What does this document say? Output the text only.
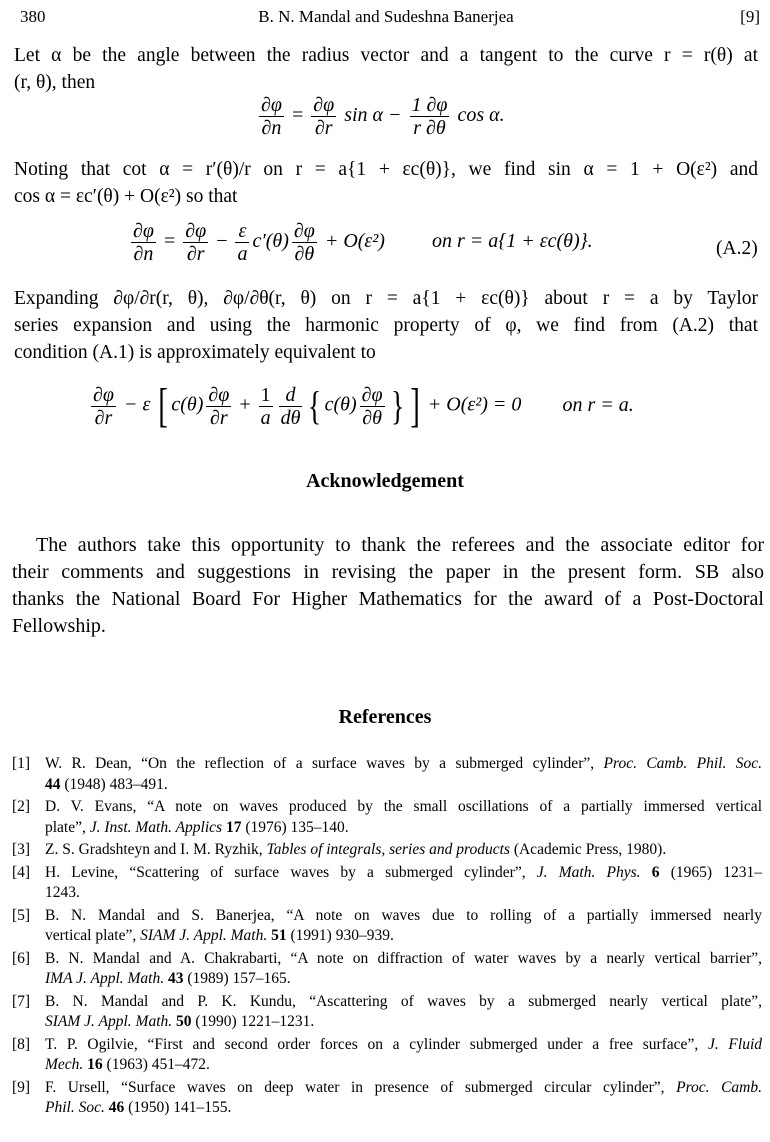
380	B. N. Mandal and Sudeshna Banerjea	[9]
Let α be the angle between the radius vector and a tangent to the curve r = r(θ) at
(r, θ), then
$\frac{\partial\varphi}{\partial n} = \frac{\partial\varphi}{\partial r}$ $\sin \alpha - \frac{1 \partial\varphi}{r \partial\theta}$ cos α.
Noting that cot α = r′(θ)/r on r = a{1 + εc(θ)}, we find sin α = 1 + O(ε²) and
cos α = εc′(θ) + O(ε²) so that
$\frac{\partial\varphi}{\partial n} = \frac{\partial\varphi}{\partial r} - \frac{\varepsilon}{a} c'(\theta) \frac{\partial\varphi}{\partial\theta} + O(\varepsilon^2)$ on r = a{1 + εc(θ)}.	(A.2)
Expanding ∂φ/∂r(r, θ), ∂φ/∂θ(r, θ) on r = a{1 + εc(θ)} about r = a by Taylor
series expansion and using the harmonic property of φ, we find from (A.2) that
condition (A.1) is approximately equivalent to
$\frac{\partial\varphi}{\partial r} - \varepsilon$ [ $c(\theta) \frac{\partial\varphi}{\partial r} + \frac{1}{a} \frac{d}{d\theta}$ { $c(\theta) \frac{\partial\varphi}{\partial\theta}$ } ] + O(ε²) = 0 on r = a.
Acknowledgement
The authors take this opportunity to thank the referees and the associate editor for
their comments and suggestions in revising the paper in the present form. SB also
thanks the National Board For Higher Mathematics for the award of a Post-Doctoral
Fellowship.
References
[1] W. R. Dean, “On the reflection of a surface waves by a submerged cylinder”, Proc. Camb. Phil. Soc.
44 (1948) 483–491.
[2] D. V. Evans, “A note on waves produced by the small oscillations of a partially immersed vertical
plate”, J. Inst. Math. Applics 17 (1976) 135–140.
[3] Z. S. Gradshteyn and I. M. Ryzhik, Tables of integrals, series and products (Academic Press, 1980).
[4] H. Levine, “Scattering of surface waves by a submerged cylinder”, J. Math. Phys. 6 (1965) 1231–
1243.
[5] B. N. Mandal and S. Banerjea, “A note on waves due to rolling of a partially immersed nearly
vertical plate”, SIAM J. Appl. Math. 51 (1991) 930–939.
[6] B. N. Mandal and A. Chakrabarti, “A note on diffraction of water waves by a nearly vertical barrier”,
IMA J. Appl. Math. 43 (1989) 157–165.
[7] B. N. Mandal and P. K. Kundu, “Ascattering of waves by a submerged nearly vertical plate”,
SIAM J. Appl. Math. 50 (1990) 1221–1231.
[8] T. P. Ogilvie, “First and second order forces on a cylinder submerged under a free surface”, J. Fluid
Mech. 16 (1963) 451–472.
[9] F. Ursell, “Surface waves on deep water in presence of submerged circular cylinder”, Proc. Camb.
Phil. Soc. 46 (1950) 141–155.
